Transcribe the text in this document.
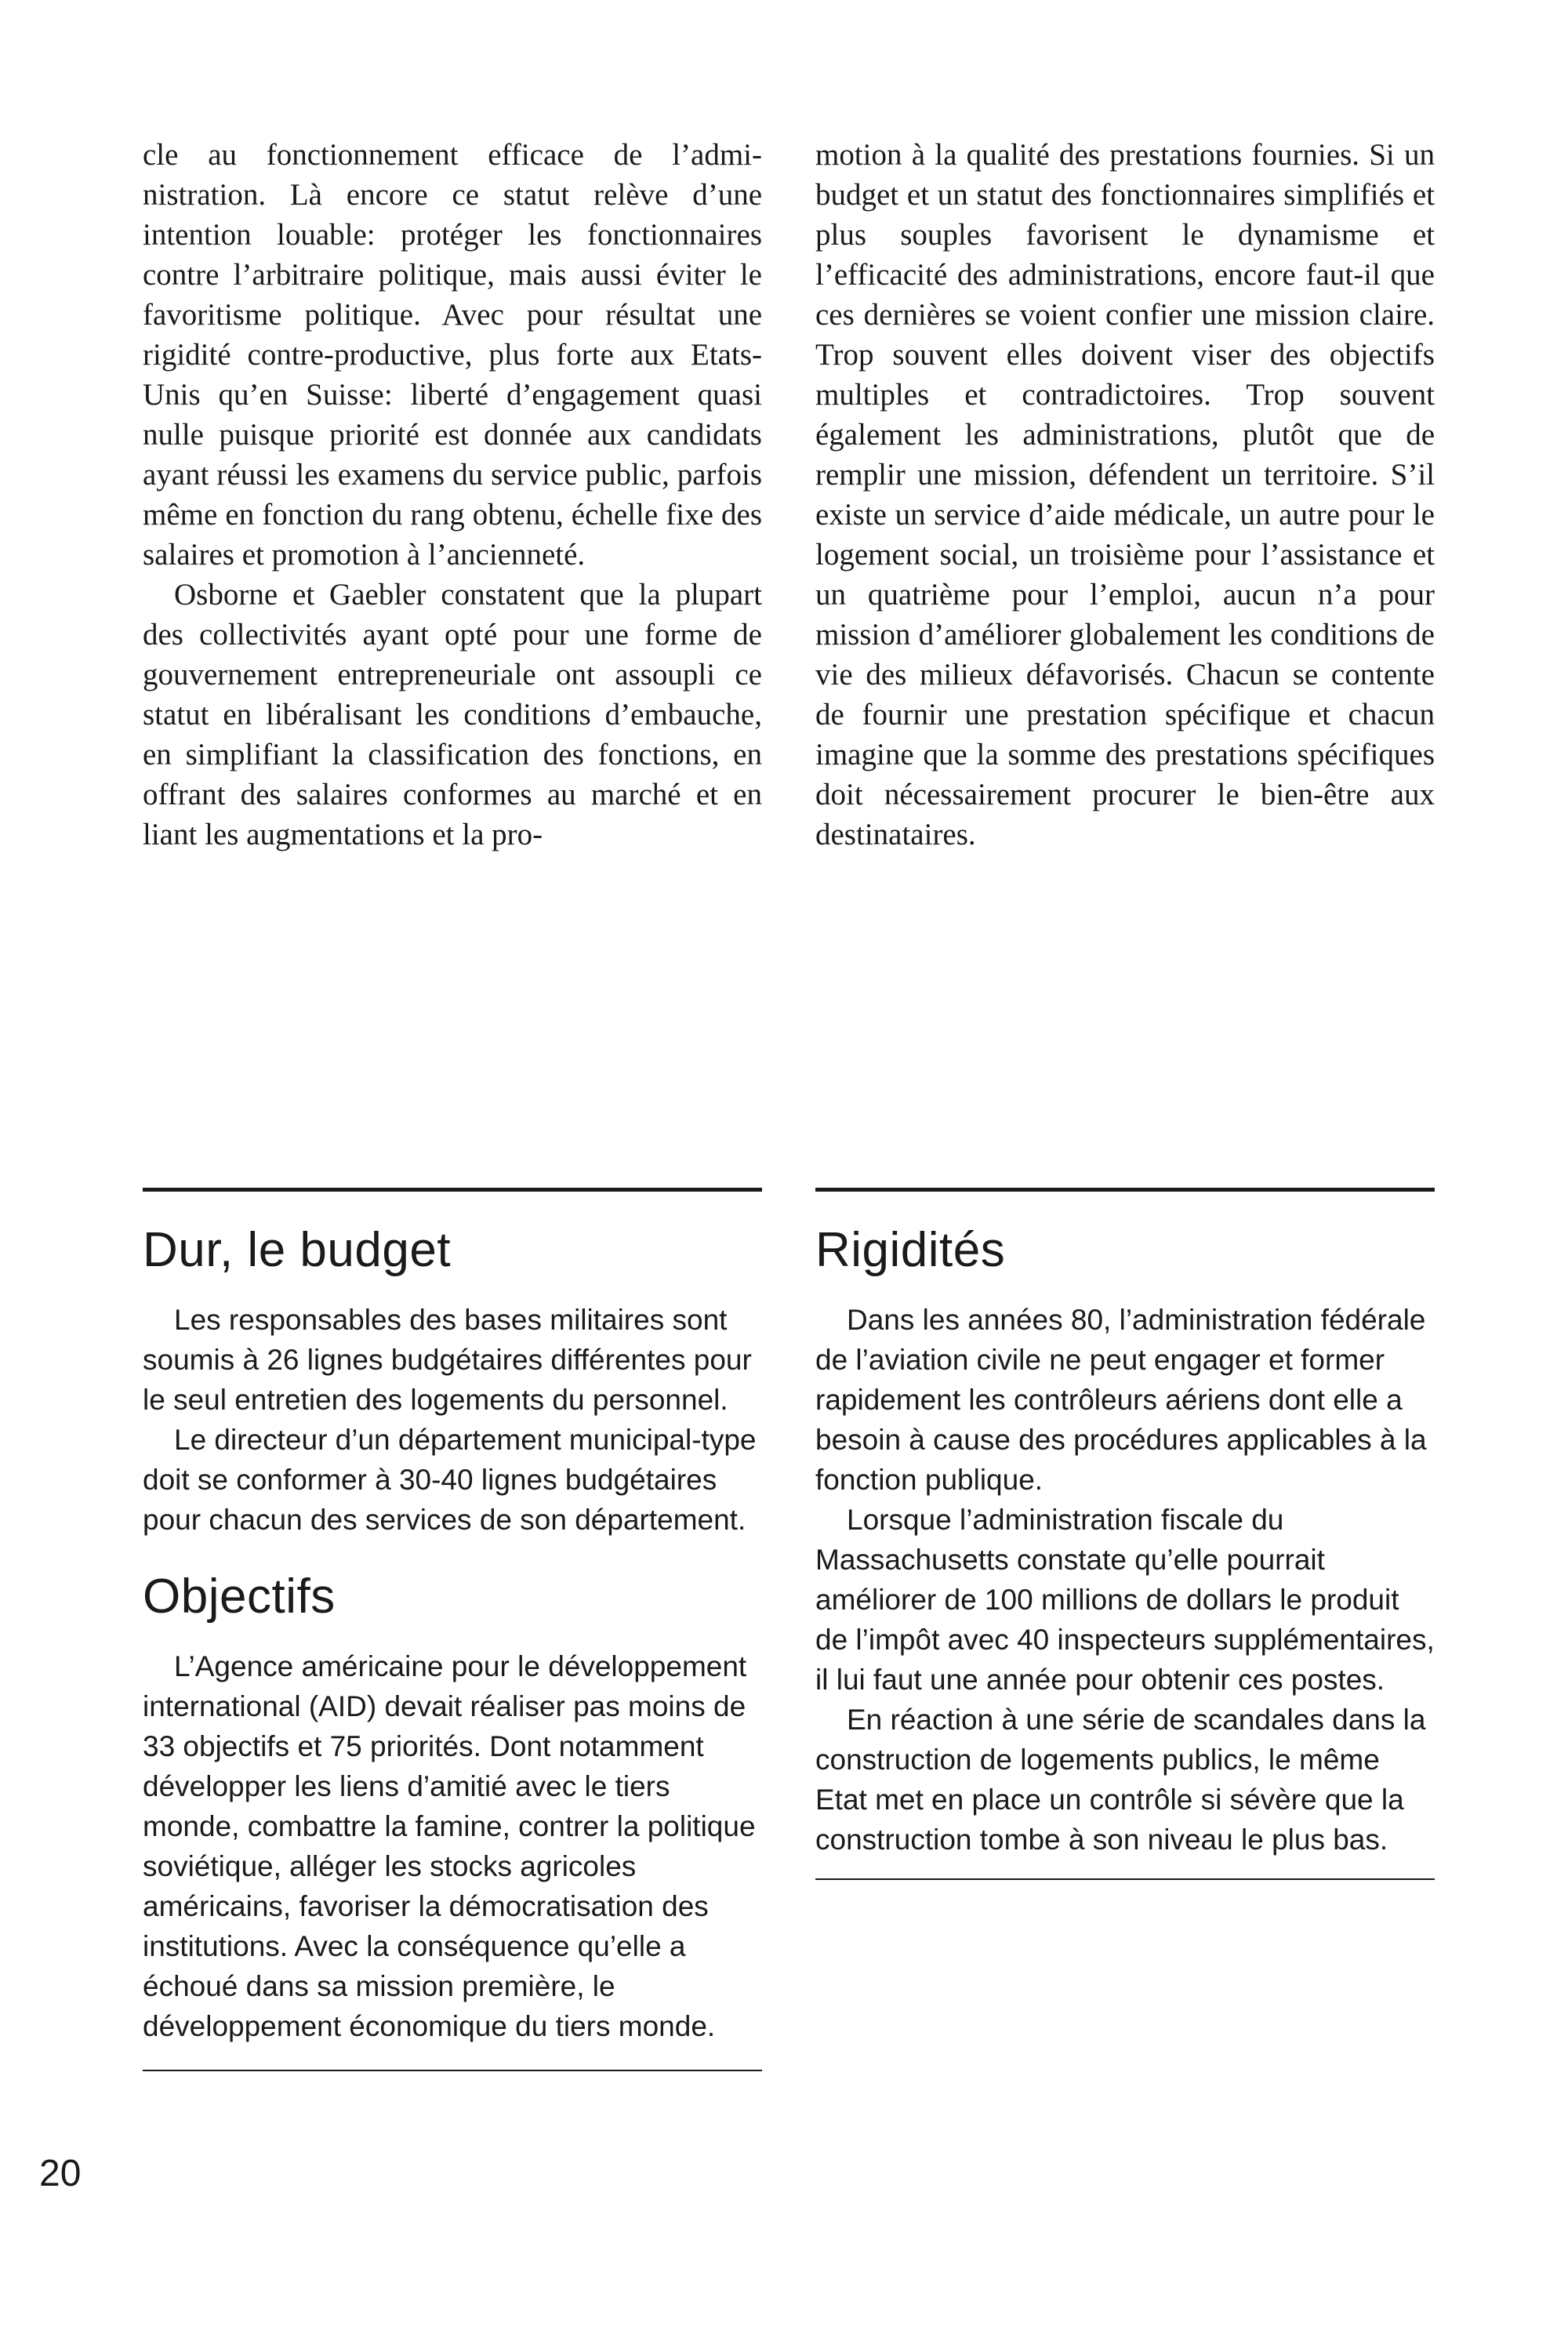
cle au fonctionnement efficace de l’administration. Là encore ce statut relève d’une intention louable: protéger les fonctionnaires contre l’arbitraire politique, mais aussi éviter le favoritisme politique. Avec pour résultat une rigidité contre-productive, plus forte aux Etats-Unis qu’en Suisse: liberté d’engagement quasi nulle puisque priorité est donnée aux candidats ayant réussi les examens du service public, parfois même en fonction du rang obtenu, échelle fixe des salaires et promotion à l’ancienneté.

Osborne et Gaebler constatent que la plupart des collectivités ayant opté pour une forme de gouvernement entrepreneuriale ont assoupli ce statut en libéralisant les conditions d’embauche, en simplifiant la classification des fonctions, en offrant des salaires conformes au marché et en liant les augmentations et la pro-

motion à la qualité des prestations fournies. Si un budget et un statut des fonctionnaires simplifiés et plus souples favorisent le dynamisme et l’efficacité des administrations, encore faut-il que ces dernières se voient confier une mission claire. Trop souvent elles doivent viser des objectifs multiples et contradictoires. Trop souvent également les administrations, plutôt que de remplir une mission, défendent un territoire. S’il existe un service d’aide médicale, un autre pour le logement social, un troisième pour l’assistance et un quatrième pour l’emploi, aucun n’a pour mission d’améliorer globalement les conditions de vie des milieux défavorisés. Chacun se contente de fournir une prestation spécifique et chacun imagine que la somme des prestations spécifiques doit nécessairement procurer le bien-être aux destinataires.

Dur, le budget

Les responsables des bases militaires sont soumis à 26 lignes budgétaires différentes pour le seul entretien des logements du personnel.

Le directeur d’un département municipal-type doit se conformer à 30-40 lignes budgétaires pour chacun des services de son département.

Objectifs

L’Agence américaine pour le développement international (AID) devait réaliser pas moins de 33 objectifs et 75 priorités. Dont notamment développer les liens d’amitié avec le tiers monde, combattre la famine, contrer la politique soviétique, alléger les stocks agricoles américains, favoriser la démocratisation des institutions. Avec la conséquence qu’elle a échoué dans sa mission première, le développement économique du tiers monde.

Rigidités

Dans les années 80, l’administration fédérale de l’aviation civile ne peut engager et former rapidement les contrôleurs aériens dont elle a besoin à cause des procédures applicables à la fonction publique.

Lorsque l’administration fiscale du Massachusetts constate qu’elle pourrait améliorer de 100 millions de dollars le produit de l’impôt avec 40 inspecteurs supplémentaires, il lui faut une année pour obtenir ces postes.

En réaction à une série de scandales dans la construction de logements publics, le même Etat met en place un contrôle si sévère que la construction tombe à son niveau le plus bas.

20
